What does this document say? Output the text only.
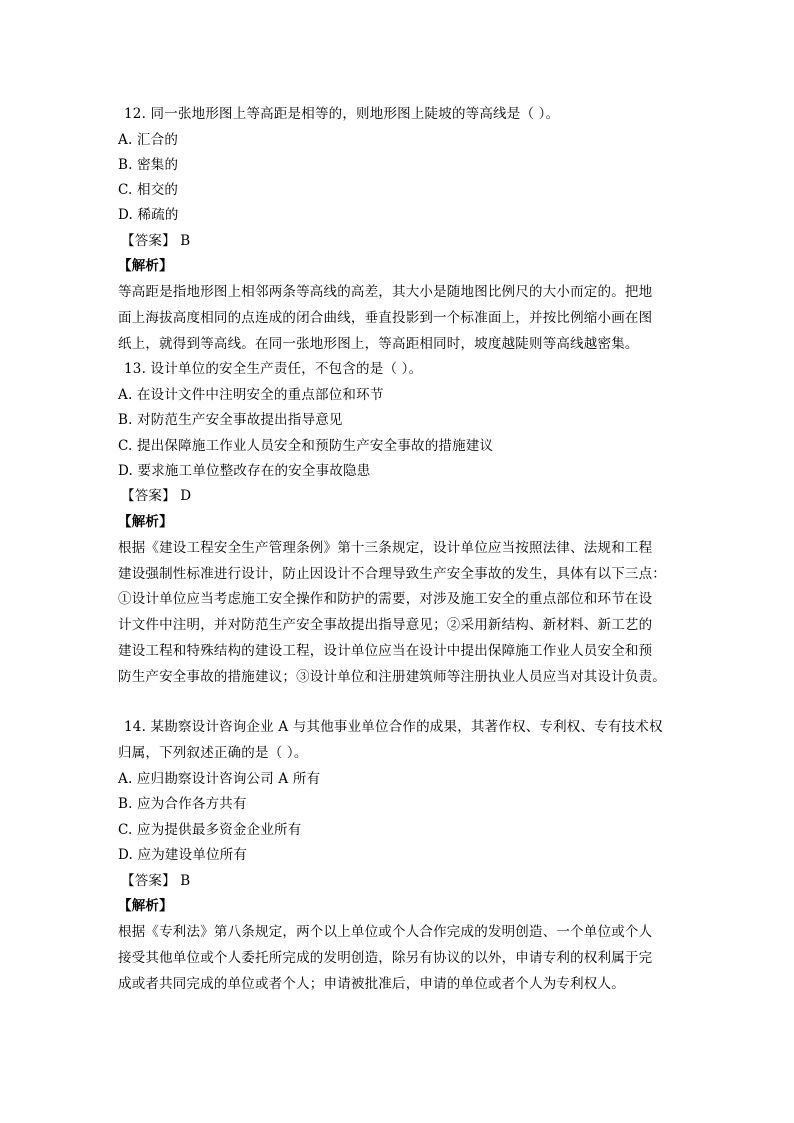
12. 同一张地形图上等高距是相等的，则地形图上陡坡的等高线是（ ）。
A. 汇合的
B. 密集的
C. 相交的
D. 稀疏的
【答案】 B
【解析】
等高距是指地形图上相邻两条等高线的高差，其大小是随地图比例尺的大小而定的。把地
面上海拔高度相同的点连成的闭合曲线，垂直投影到一个标准面上，并按比例缩小画在图
纸上，就得到等高线。在同一张地形图上，等高距相同时，坡度越陡则等高线越密集。
13. 设计单位的安全生产责任，不包含的是（ ）。
A. 在设计文件中注明安全的重点部位和环节
B. 对防范生产安全事故提出指导意见
C. 提出保障施工作业人员安全和预防生产安全事故的措施建议
D. 要求施工单位整改存在的安全事故隐患
【答案】 D
【解析】
根据《建设工程安全生产管理条例》第十三条规定，设计单位应当按照法律、法规和工程
建设强制性标准进行设计，防止因设计不合理导致生产安全事故的发生，具体有以下三点：
①设计单位应当考虑施工安全操作和防护的需要，对涉及施工安全的重点部位和环节在设
计文件中注明，并对防范生产安全事故提出指导意见；②采用新结构、新材料、新工艺的
建设工程和特殊结构的建设工程，设计单位应当在设计中提出保障施工作业人员安全和预
防生产安全事故的措施建议；③设计单位和注册建筑师等注册执业人员应当对其设计负责。
14. 某勘察设计咨询企业 A 与其他事业单位合作的成果，其著作权、专利权、专有技术权
归属，下列叙述正确的是（ ）。
A. 应归勘察设计咨询公司 A 所有
B. 应为合作各方共有
C. 应为提供最多资金企业所有
D. 应为建设单位所有
【答案】 B
【解析】
根据《专利法》第八条规定，两个以上单位或个人合作完成的发明创造、一个单位或个人
接受其他单位或个人委托所完成的发明创造，除另有协议的以外，申请专利的权利属于完
成或者共同完成的单位或者个人；申请被批准后，申请的单位或者个人为专利权人。
